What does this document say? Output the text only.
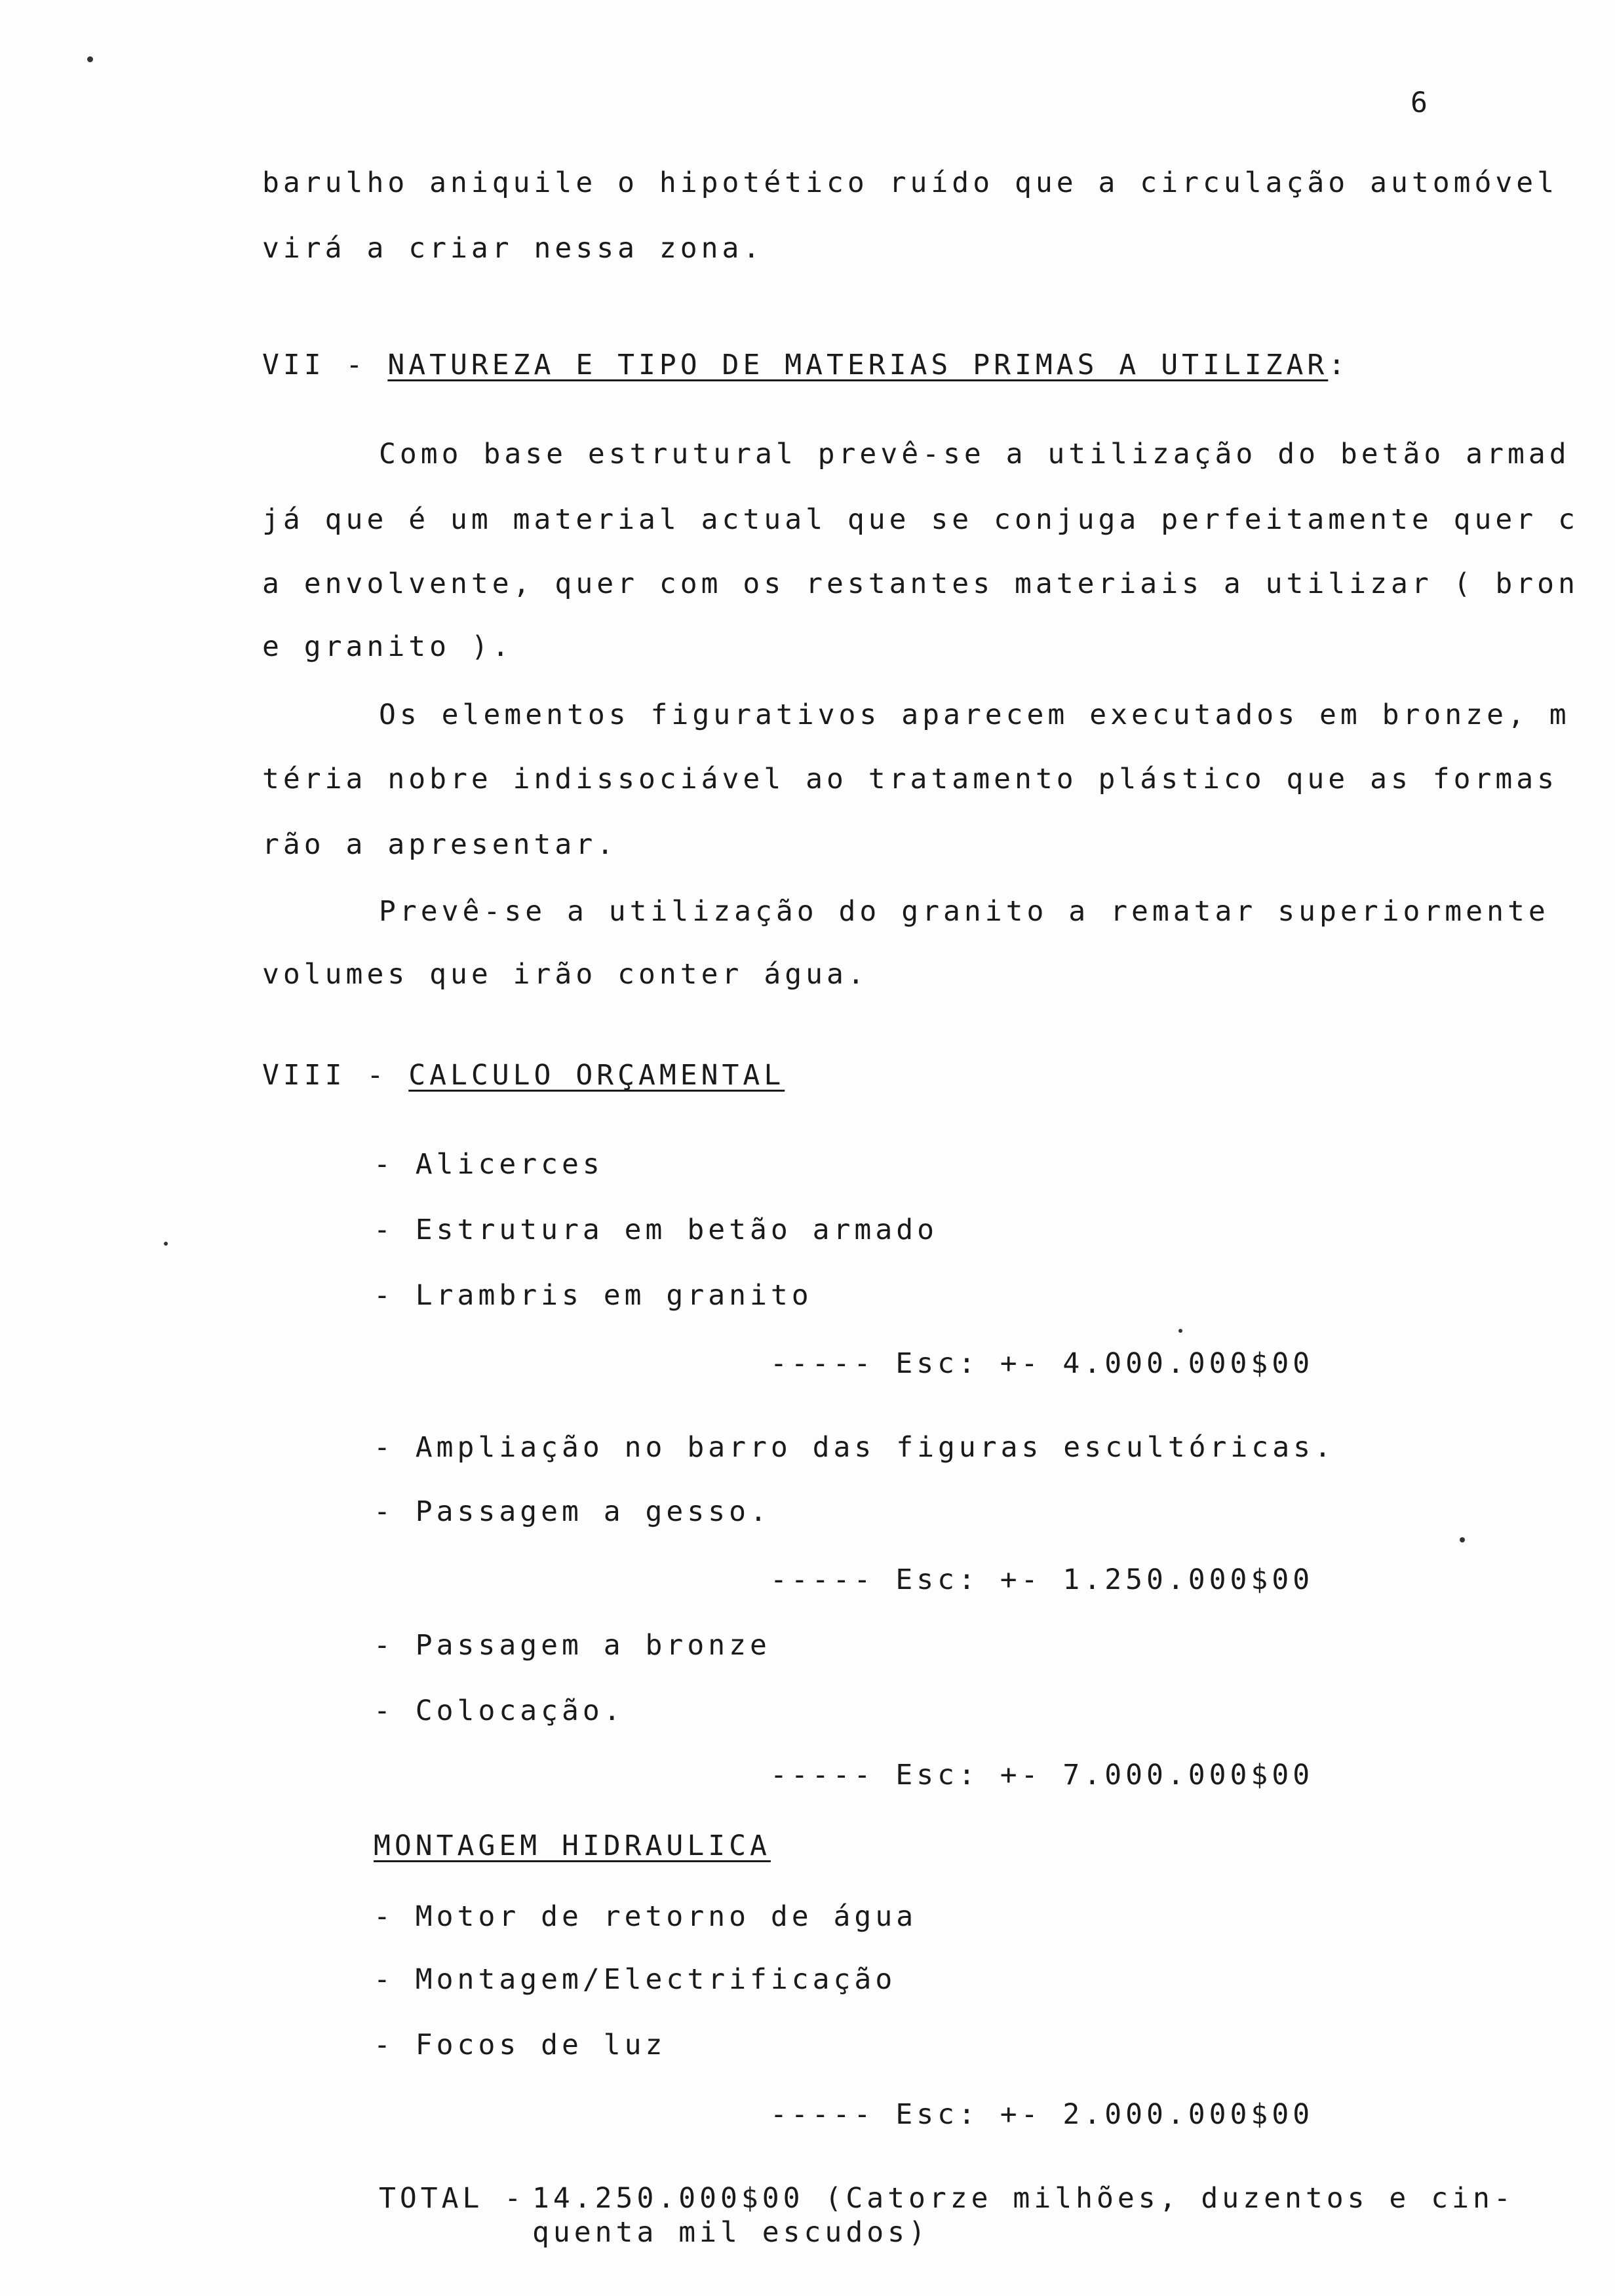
6
barulho aniquile o hipotético ruído que a circulação automóvel
virá a criar nessa zona.
VII - NATUREZA E TIPO DE MATERIAS PRIMAS A UTILIZAR:
Como base estrutural prevê-se a utilização do betão armad
já que é um material actual que se conjuga perfeitamente quer c
a envolvente, quer com os restantes materiais a utilizar ( bron
e granito ).
Os elementos figurativos aparecem executados em bronze, m
téria nobre indissociável ao tratamento plástico que as formas
rão a apresentar.
Prevê-se a utilização do granito a rematar superiormente
volumes que irão conter água.
VIII - CALCULO ORÇAMENTAL
- Alicerces
- Estrutura em betão armado
- Lrambris em granito
----- Esc: +- 4.000.000$00
- Ampliação no barro das figuras escultóricas.
- Passagem a gesso.
----- Esc: +- 1.250.000$00
- Passagem a bronze
- Colocação.
----- Esc: +- 7.000.000$00
MONTAGEM HIDRAULICA
- Motor de retorno de água
- Montagem/Electrificação
- Focos de luz
----- Esc: +- 2.000.000$00
TOTAL -
14.250.000$00 (Catorze milhões, duzentos e cin-
quenta mil escudos)
